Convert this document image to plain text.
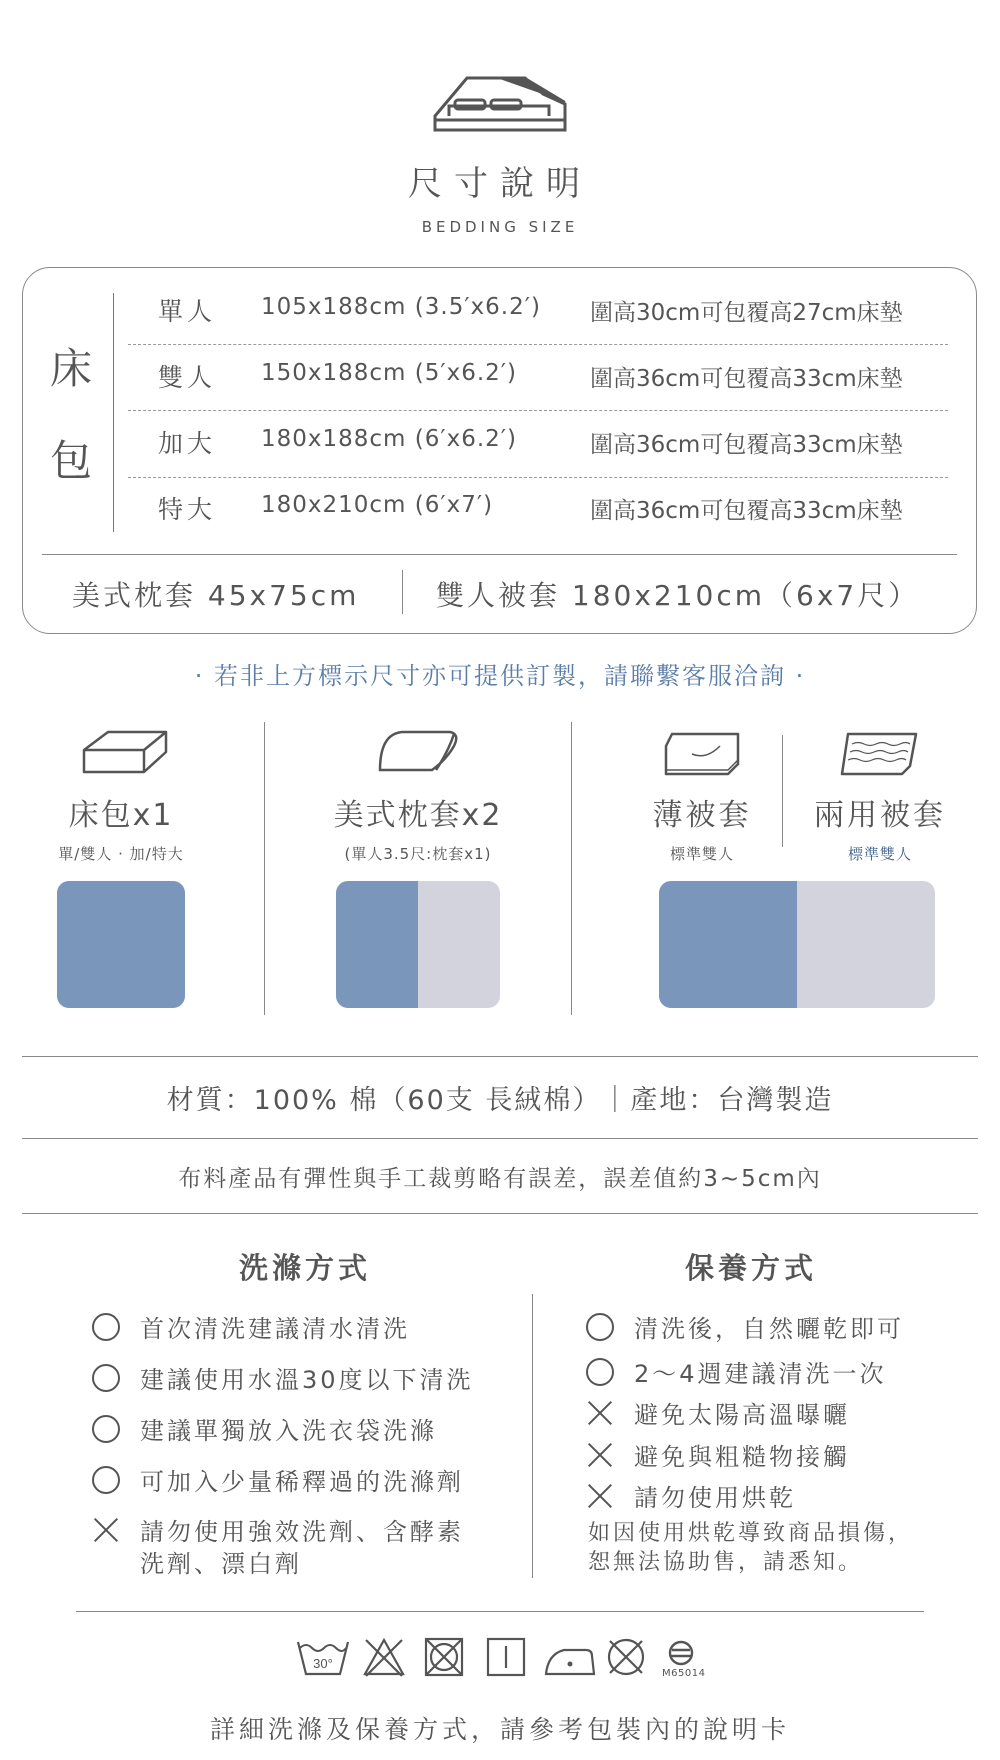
尺寸說明
BEDDING SIZE
床
包
單人 105x188cm (3.5′x6.2′) 圍高30cm可包覆高27cm床墊
雙人 150x188cm (5′x6.2′)	圍高36cm可包覆高33cm床墊
加大 180x188cm (6′x6.2′)	圍高36cm可包覆高33cm床墊
特大 180x210cm (6′x7′)	圍高36cm可包覆高33cm床墊
美式枕套 45x75cm	雙人被套 180x210cm（6x7尺）
· 若非上方標示尺寸亦可提供訂製，請聯繫客服洽詢 ·
床包x1
單/雙人 · 加/特大
美式枕套x2
(單人3.5尺:枕套x1)
薄被套
標準雙人
兩用被套
標準雙人
材質：100% 棉（60支 長絨棉）｜產地：台灣製造
布料產品有彈性與手工裁剪略有誤差，誤差值約3~5cm內
洗滌方式	保養方式
首次清洗建議清水清洗
建議使用水溫30度以下清洗
建議單獨放入洗衣袋洗滌
可加入少量稀釋過的洗滌劑
請勿使用強效洗劑、含酵素
洗劑、漂白劑
清洗後，自然曬乾即可
2～4週建議清洗一次
避免太陽高溫曝曬
避免與粗糙物接觸
請勿使用烘乾
如因使用烘乾導致商品損傷，
恕無法協助售，請悉知。
30°
M65014
詳細洗滌及保養方式，請參考包裝內的說明卡
